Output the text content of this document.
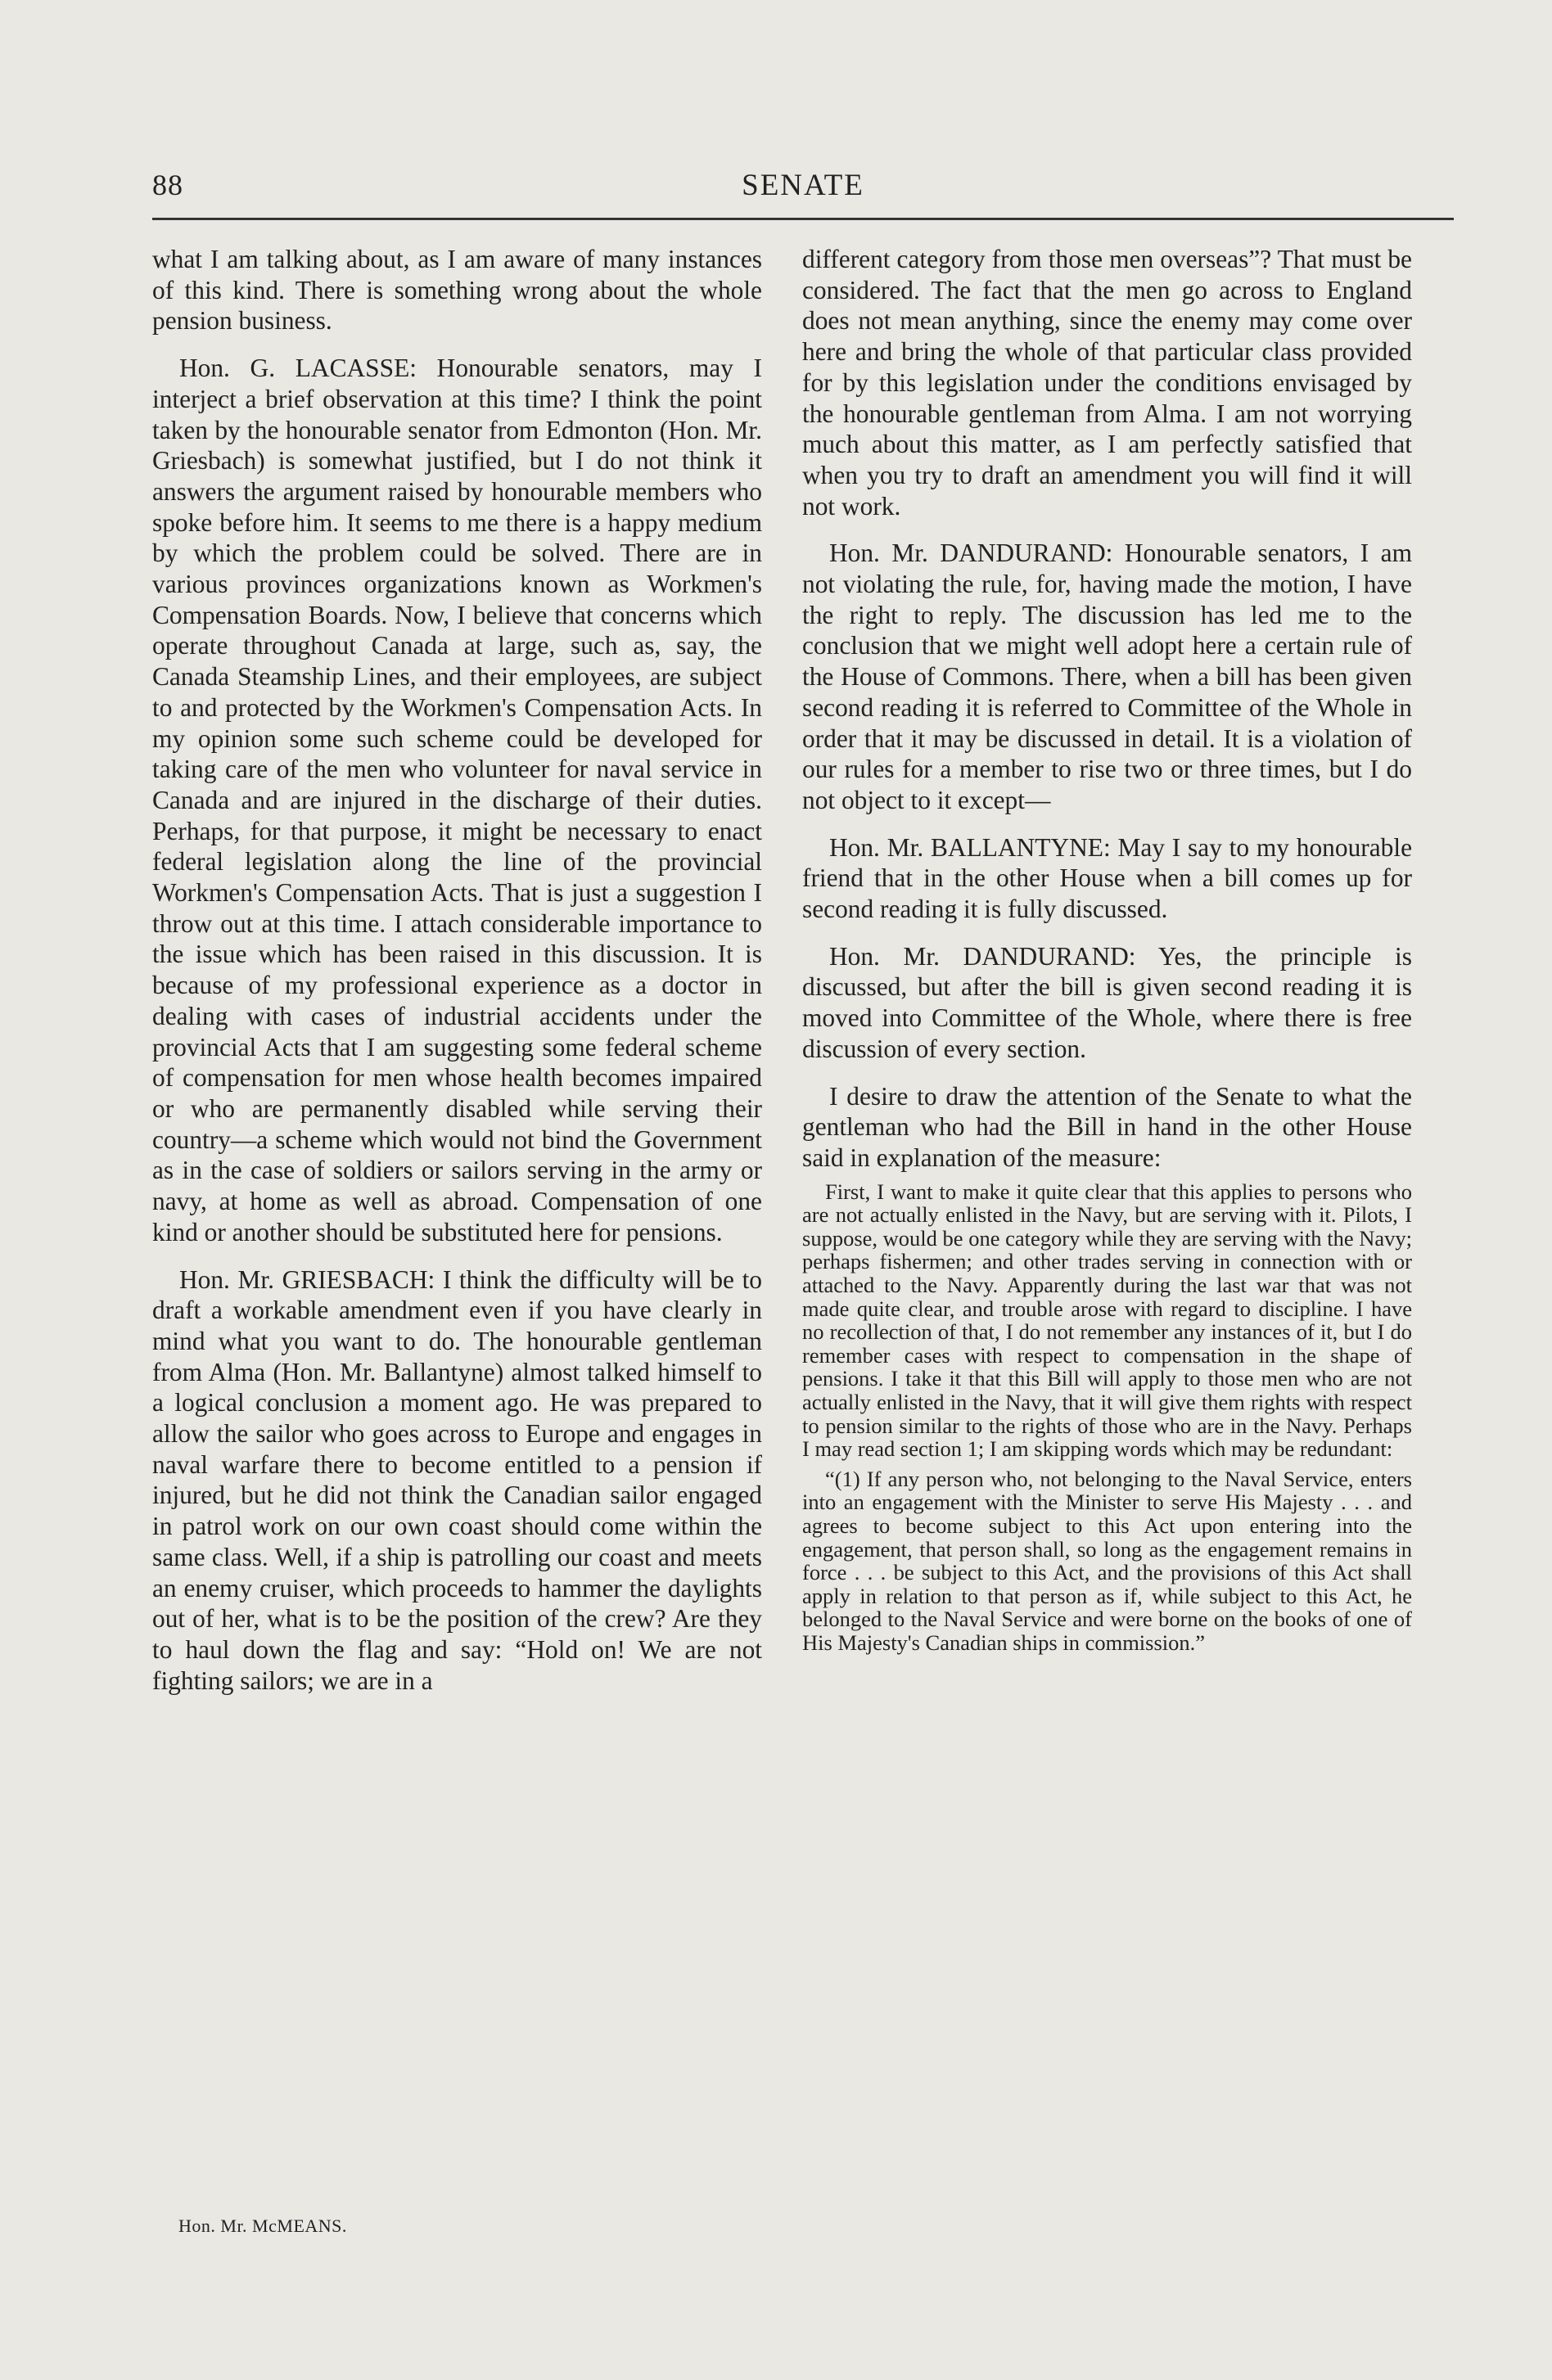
88	SENATE

what I am talking about, as I am aware of many instances of this kind. There is something wrong about the whole pension business.

Hon. G. LACASSE: Honourable senators, may I interject a brief observation at this time? I think the point taken by the honourable senator from Edmonton (Hon. Mr. Griesbach) is somewhat justified, but I do not think it answers the argument raised by honourable members who spoke before him. It seems to me there is a happy medium by which the problem could be solved. There are in various provinces organizations known as Workmen's Compensation Boards. Now, I believe that concerns which operate throughout Canada at large, such as, say, the Canada Steamship Lines, and their employees, are subject to and protected by the Workmen's Compensation Acts. In my opinion some such scheme could be developed for taking care of the men who volunteer for naval service in Canada and are injured in the discharge of their duties. Perhaps, for that purpose, it might be necessary to enact federal legislation along the line of the provincial Workmen's Compensation Acts. That is just a suggestion I throw out at this time. I attach considerable importance to the issue which has been raised in this discussion. It is because of my professional experience as a doctor in dealing with cases of industrial accidents under the provincial Acts that I am suggesting some federal scheme of compensation for men whose health becomes impaired or who are permanently disabled while serving their country—a scheme which would not bind the Government as in the case of soldiers or sailors serving in the army or navy, at home as well as abroad. Compensation of one kind or another should be substituted here for pensions.

Hon. Mr. GRIESBACH: I think the difficulty will be to draft a workable amendment even if you have clearly in mind what you want to do. The honourable gentleman from Alma (Hon. Mr. Ballantyne) almost talked himself to a logical conclusion a moment ago. He was prepared to allow the sailor who goes across to Europe and engages in naval warfare there to become entitled to a pension if injured, but he did not think the Canadian sailor engaged in patrol work on our own coast should come within the same class. Well, if a ship is patrolling our coast and meets an enemy cruiser, which proceeds to hammer the daylights out of her, what is to be the position of the crew? Are they to haul down the flag and say: “Hold on! We are not fighting sailors; we are in a

different category from those men overseas”? That must be considered. The fact that the men go across to England does not mean anything, since the enemy may come over here and bring the whole of that particular class provided for by this legislation under the conditions envisaged by the honourable gentleman from Alma. I am not worrying much about this matter, as I am perfectly satisfied that when you try to draft an amendment you will find it will not work.

Hon. Mr. DANDURAND: Honourable senators, I am not violating the rule, for, having made the motion, I have the right to reply. The discussion has led me to the conclusion that we might well adopt here a certain rule of the House of Commons. There, when a bill has been given second reading it is referred to Committee of the Whole in order that it may be discussed in detail. It is a violation of our rules for a member to rise two or three times, but I do not object to it except—

Hon. Mr. BALLANTYNE: May I say to my honourable friend that in the other House when a bill comes up for second reading it is fully discussed.

Hon. Mr. DANDURAND: Yes, the principle is discussed, but after the bill is given second reading it is moved into Committee of the Whole, where there is free discussion of every section.

I desire to draw the attention of the Senate to what the gentleman who had the Bill in hand in the other House said in explanation of the measure:

First, I want to make it quite clear that this applies to persons who are not actually enlisted in the Navy, but are serving with it. Pilots, I suppose, would be one category while they are serving with the Navy; perhaps fishermen; and other trades serving in connection with or attached to the Navy. Apparently during the last war that was not made quite clear, and trouble arose with regard to discipline. I have no recollection of that, I do not remember any instances of it, but I do remember cases with respect to compensation in the shape of pensions. I take it that this Bill will apply to those men who are not actually enlisted in the Navy, that it will give them rights with respect to pension similar to the rights of those who are in the Navy. Perhaps I may read section 1; I am skipping words which may be redundant:
“(1) If any person who, not belonging to the Naval Service, enters into an engagement with the Minister to serve His Majesty . . . and agrees to become subject to this Act upon entering into the engagement, that person shall, so long as the engagement remains in force . . . be subject to this Act, and the provisions of this Act shall apply in relation to that person as if, while subject to this Act, he belonged to the Naval Service and were borne on the books of one of His Majesty's Canadian ships in commission.”
Hon. Mr. McMEANS.
